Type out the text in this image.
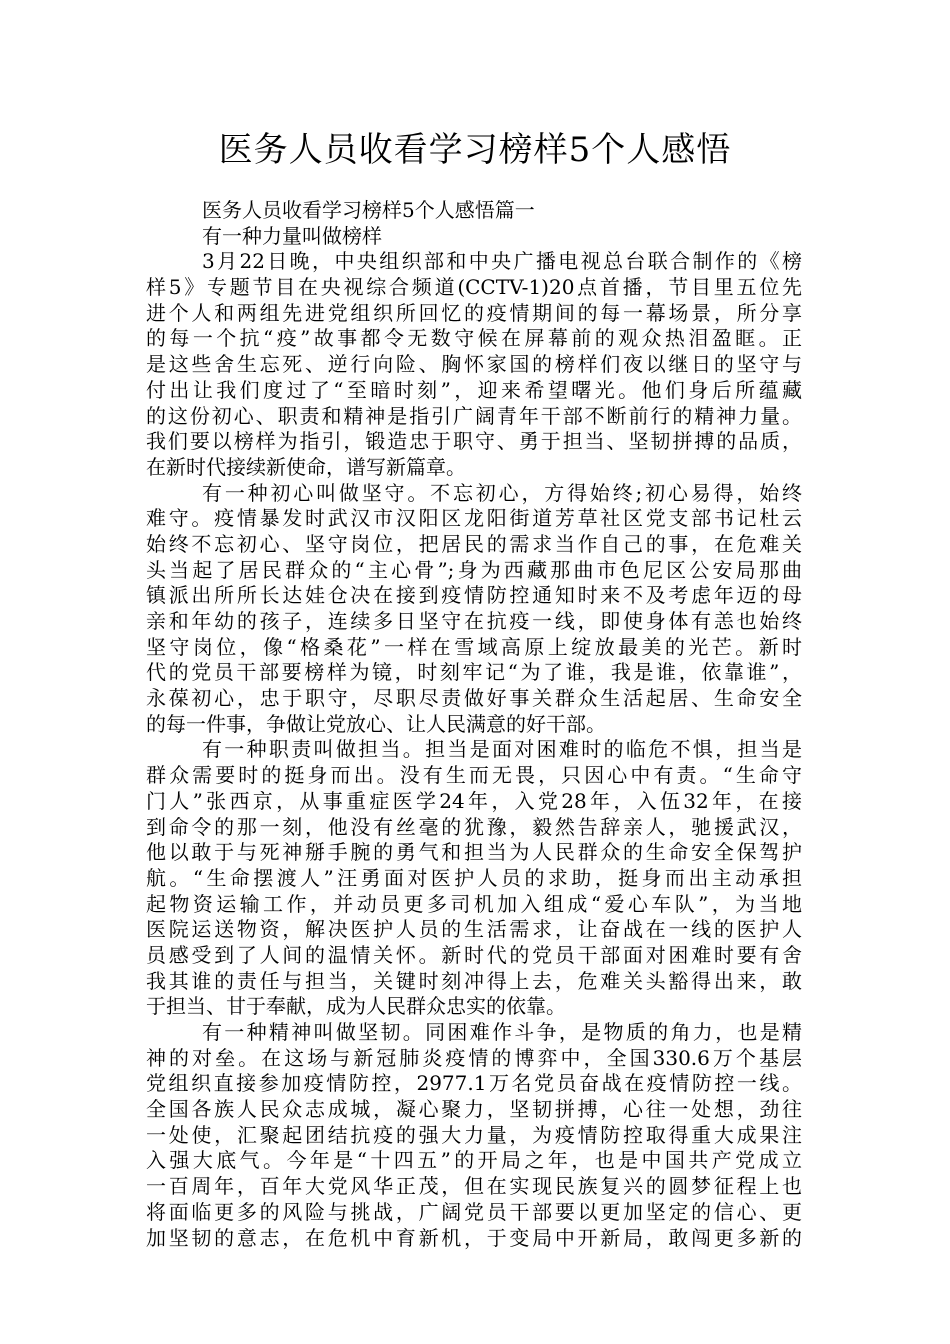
医务人员收看学习榜样5个人感悟
医务人员收看学习榜样5个人感悟篇一
有一种力量叫做榜样
3月22日晚，中央组织部和中央广播电视总台联合制作的《榜
样5》专题节目在央视综合频道(CCTV-1)20点首播，节目里五位先
进个人和两组先进党组织所回忆的疫情期间的每一幕场景，所分享
的每一个抗“疫”故事都令无数守候在屏幕前的观众热泪盈眶。正
是这些舍生忘死、逆行向险、胸怀家国的榜样们夜以继日的坚守与
付出让我们度过了“至暗时刻”，迎来希望曙光。他们身后所蕴藏
的这份初心、职责和精神是指引广阔青年干部不断前行的精神力量。
我们要以榜样为指引，锻造忠于职守、勇于担当、坚韧拼搏的品质，
在新时代接续新使命，谱写新篇章。
有一种初心叫做坚守。不忘初心，方得始终;初心易得，始终
难守。疫情暴发时武汉市汉阳区龙阳街道芳草社区党支部书记杜云
始终不忘初心、坚守岗位，把居民的需求当作自己的事，在危难关
头当起了居民群众的“主心骨”;身为西藏那曲市色尼区公安局那曲
镇派出所所长达娃仓决在接到疫情防控通知时来不及考虑年迈的母
亲和年幼的孩子，连续多日坚守在抗疫一线，即使身体有恙也始终
坚守岗位，像“格桑花”一样在雪域高原上绽放最美的光芒。新时
代的党员干部要榜样为镜，时刻牢记“为了谁，我是谁，依靠谁”，
永葆初心，忠于职守，尽职尽责做好事关群众生活起居、生命安全
的每一件事，争做让党放心、让人民满意的好干部。
有一种职责叫做担当。担当是面对困难时的临危不惧，担当是
群众需要时的挺身而出。没有生而无畏，只因心中有责。“生命守
门人”张西京，从事重症医学24年，入党28年，入伍32年，在接
到命令的那一刻，他没有丝毫的犹豫，毅然告辞亲人，驰援武汉，
他以敢于与死神掰手腕的勇气和担当为人民群众的生命安全保驾护
航。“生命摆渡人”汪勇面对医护人员的求助，挺身而出主动承担
起物资运输工作，并动员更多司机加入组成“爱心车队”，为当地
医院运送物资，解决医护人员的生活需求，让奋战在一线的医护人
员感受到了人间的温情关怀。新时代的党员干部面对困难时要有舍
我其谁的责任与担当，关键时刻冲得上去，危难关头豁得出来，敢
于担当、甘于奉献，成为人民群众忠实的依靠。
有一种精神叫做坚韧。同困难作斗争，是物质的角力，也是精
神的对垒。在这场与新冠肺炎疫情的博弈中，全国330.6万个基层
党组织直接参加疫情防控，2977.1万名党员奋战在疫情防控一线。
全国各族人民众志成城，凝心聚力，坚韧拼搏，心往一处想，劲往
一处使，汇聚起团结抗疫的强大力量，为疫情防控取得重大成果注
入强大底气。今年是“十四五”的开局之年，也是中国共产党成立
一百周年，百年大党风华正茂，但在实现民族复兴的圆梦征程上也
将面临更多的风险与挑战，广阔党员干部要以更加坚定的信心、更
加坚韧的意志，在危机中育新机，于变局中开新局，敢闯更多新的
